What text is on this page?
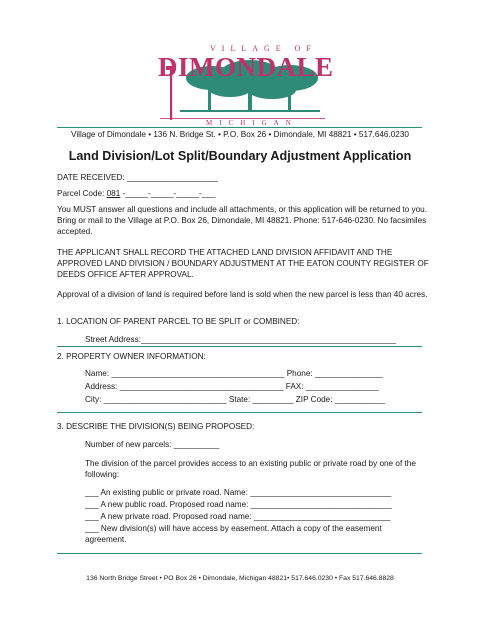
VILLAGE OF
DIMONDALE
MICHIGAN
Village of Dimondale • 136 N. Bridge St. • P.O. Box 26 • Dimondale, MI 48821 • 517.646.0230
Land Division/Lot Split/Boundary Adjustment Application
DATE RECEIVED: ____________________
Parcel Code: 081 -_____-_____-_____-___
You MUST answer all questions and include all attachments, or this application will be returned to you. Bring or mail to the Village at P.O. Box 26, Dimondale, MI 48821. Phone: 517-646-0230. No facsimiles accepted.
THE APPLICANT SHALL RECORD THE ATTACHED LAND DIVISION AFFIDAVIT AND THE APPROVED LAND DIVISION / BOUNDARY ADJUSTMENT AT THE EATON COUNTY REGISTER OF DEEDS OFFICE AFTER APPROVAL.
Approval of a division of land is required before land is sold when the new parcel is less than 40 acres.
1. LOCATION OF PARENT PARCEL TO BE SPLIT or COMBINED:
Street Address:________________________________________________________
2. PROPERTY OWNER INFORMATION:
Name: ______________________________________ Phone: _______________
Address: ____________________________________ FAX: ________________
City: ___________________________ State: _________ ZIP Code: ___________
3. DESCRIBE THE DIVISION(S) BEING PROPOSED:
Number of new parcels: __________
The division of the parcel provides access to an existing public or private road by one of the following:
___ An existing public or private road. Name: _______________________________
___ A new public road. Proposed road name: _______________________________
___ A new private road. Proposed road name: ______________________________
___ New division(s) will have access by easement. Attach a copy of the easement agreement.
136 North Bridge Street • PO Box 26 • Dimondale, Michigan 48821• 517.646.0230 • Fax 517.646.8828
